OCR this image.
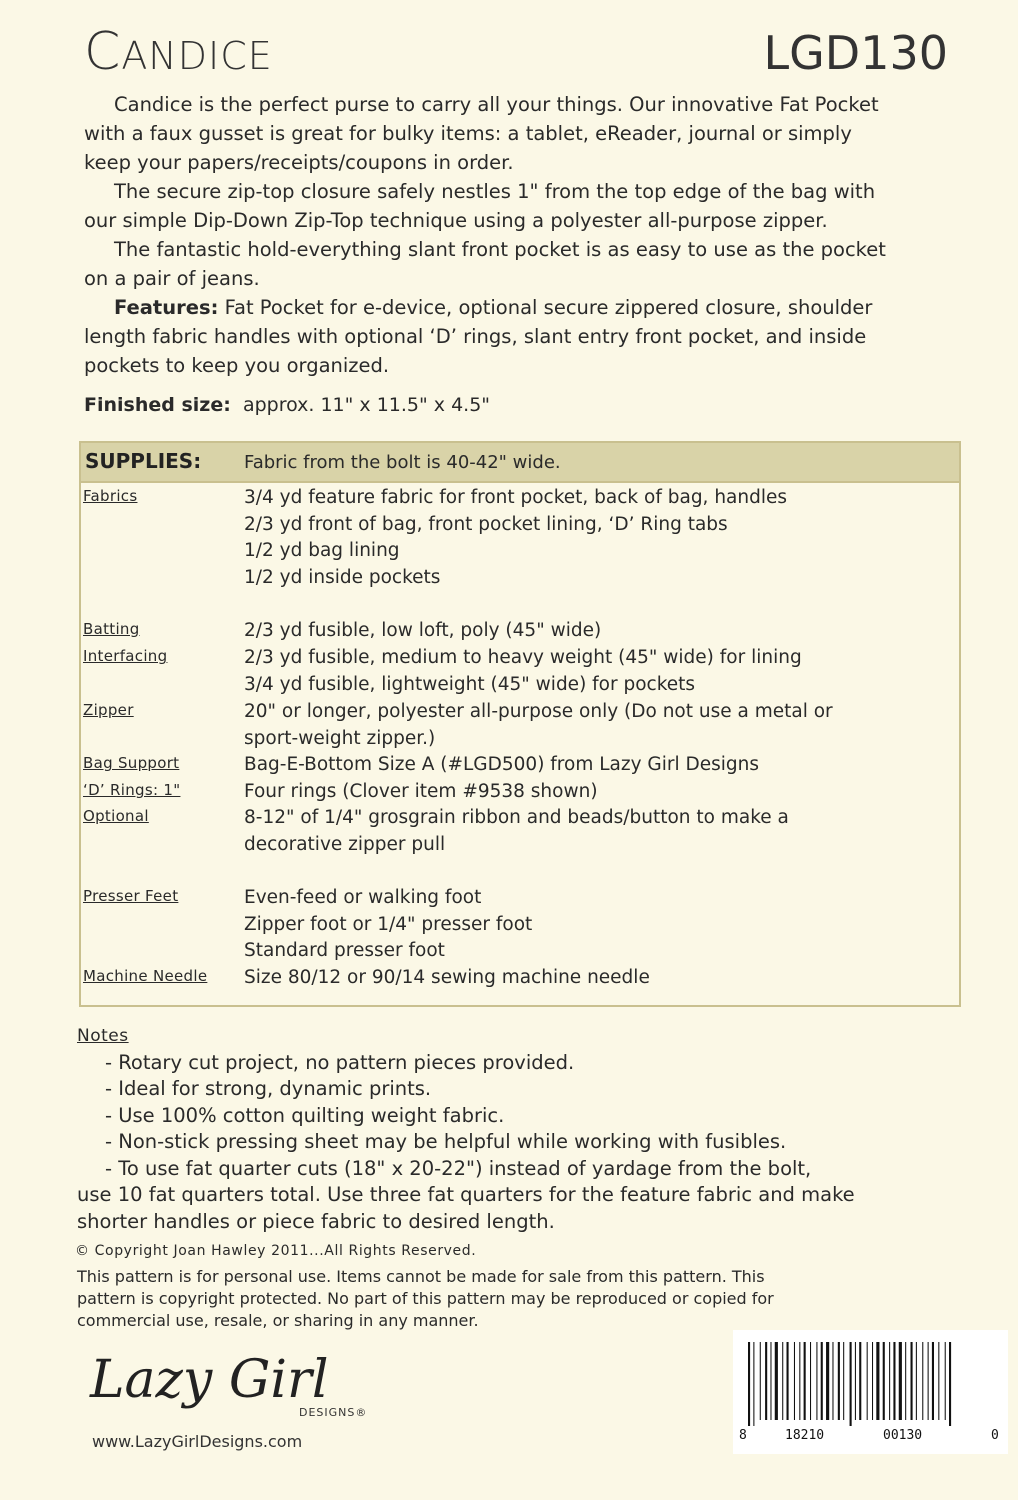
CANDICE	LGD130

Candice is the perfect purse to carry all your things. Our innovative Fat Pocket
with a faux gusset is great for bulky items: a tablet, eReader, journal or simply
keep your papers/receipts/coupons in order.

The secure zip-top closure safely nestles 1" from the top edge of the bag with
our simple Dip-Down Zip-Top technique using a polyester all-purpose zipper.

The fantastic hold-everything slant front pocket is as easy to use as the pocket
on a pair of jeans.

Features: Fat Pocket for e-device, optional secure zippered closure, shoulder
length fabric handles with optional ‘D’ rings, slant entry front pocket, and inside
pockets to keep you organized.

Finished size: approx. 11" x 11.5" x 4.5"
SUPPLIES: Fabric from the bolt is 40-42" wide.
Fabrics	3/4 yd feature fabric for front pocket, back of bag, handles
2/3 yd front of bag, front pocket lining, ‘D’ Ring tabs
1/2 yd bag lining
1/2 yd inside pockets
Batting	2/3 yd fusible, low loft, poly (45" wide)
Interfacing	2/3 yd fusible, medium to heavy weight (45" wide) for lining
3/4 yd fusible, lightweight (45" wide) for pockets
Zipper	20" or longer, polyester all-purpose only (Do not use a metal or
sport-weight zipper.)
Bag Support	Bag-E-Bottom Size A (#LGD500) from Lazy Girl Designs
‘D’ Rings: 1"	Four rings (Clover item #9538 shown)
Optional	8-12" of 1/4" grosgrain ribbon and beads/button to make a
decorative zipper pull
Presser Feet	Even-feed or walking foot
Zipper foot or 1/4" presser foot
Standard presser foot
Machine Needle Size 80/12 or 90/14 sewing machine needle
Notes
- Rotary cut project, no pattern pieces provided.
- Ideal for strong, dynamic prints.
- Use 100% cotton quilting weight fabric.
- Non-stick pressing sheet may be helpful while working with fusibles.
- To use fat quarter cuts (18" x 20-22") instead of yardage from the bolt,
use 10 fat quarters total. Use three fat quarters for the feature fabric and make
shorter handles or piece fabric to desired length.
© Copyright Joan Hawley 2011...All Rights Reserved.
This pattern is for personal use. Items cannot be made for sale from this pattern. This
pattern is copyright protected. No part of this pattern may be reproduced or copied for
commercial use, resale, or sharing in any manner.
Lazy Girl
DESIGNS®
www.LazyGirlDesigns.com	8	18210	00130	0
